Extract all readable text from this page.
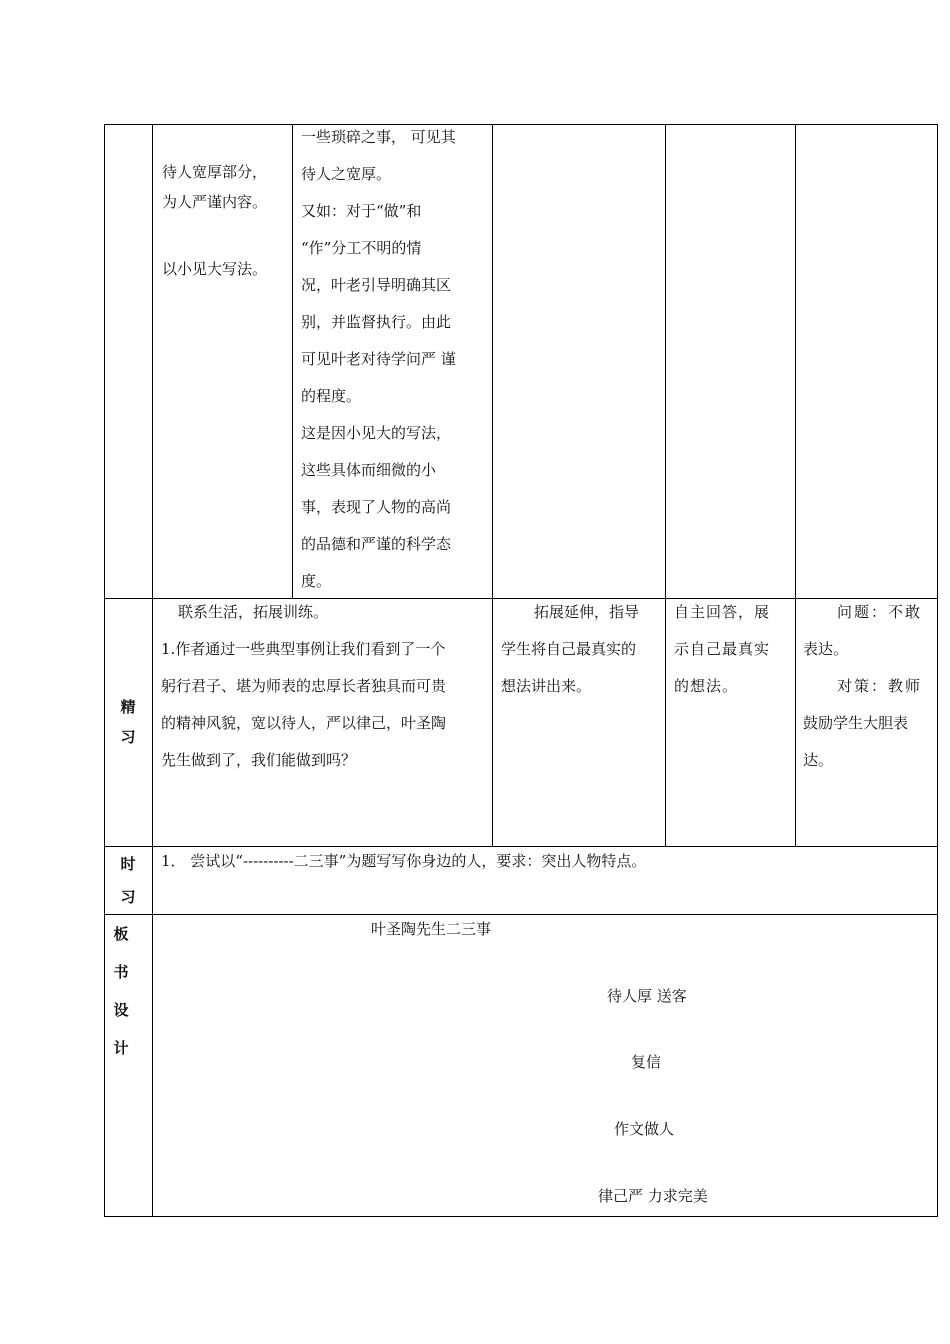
待人宽厚部分，
为人严谨内容。
以小见大写法。
一些琐碎之事， 可见其
待人之宽厚。
又如：对于“做”和
“作”分工不明的情
况，叶老引导明确其区
别，并监督执行。由此
可见叶老对待学问严 谨
的程度。
这是因小见大的写法，
这些具体而细微的小
事，表现了人物的高尚
的品德和严谨的科学态
度。
精
习
联系生活，拓展训练。
1.作者通过一些典型事例让我们看到了一个
躬行君子、堪为师表的忠厚长者独具而可贵
的精神风貌，宽以待人，严以律己，叶圣陶
先生做到了，我们能做到吗？
拓展延伸，指导
学生将自己最真实的
想法讲出来。
自主回答，展
示自己最真实
的想法。
问题：不敢
表达。
对策：教师
鼓励学生大胆表
达。
时
习
1． 尝试以“----------二三事”为题写写你身边的人，要求：突出人物特点。
板
书
设
计
叶圣陶先生二三事
待人厚 送客
复信
作文做人
律己严 力求完美
